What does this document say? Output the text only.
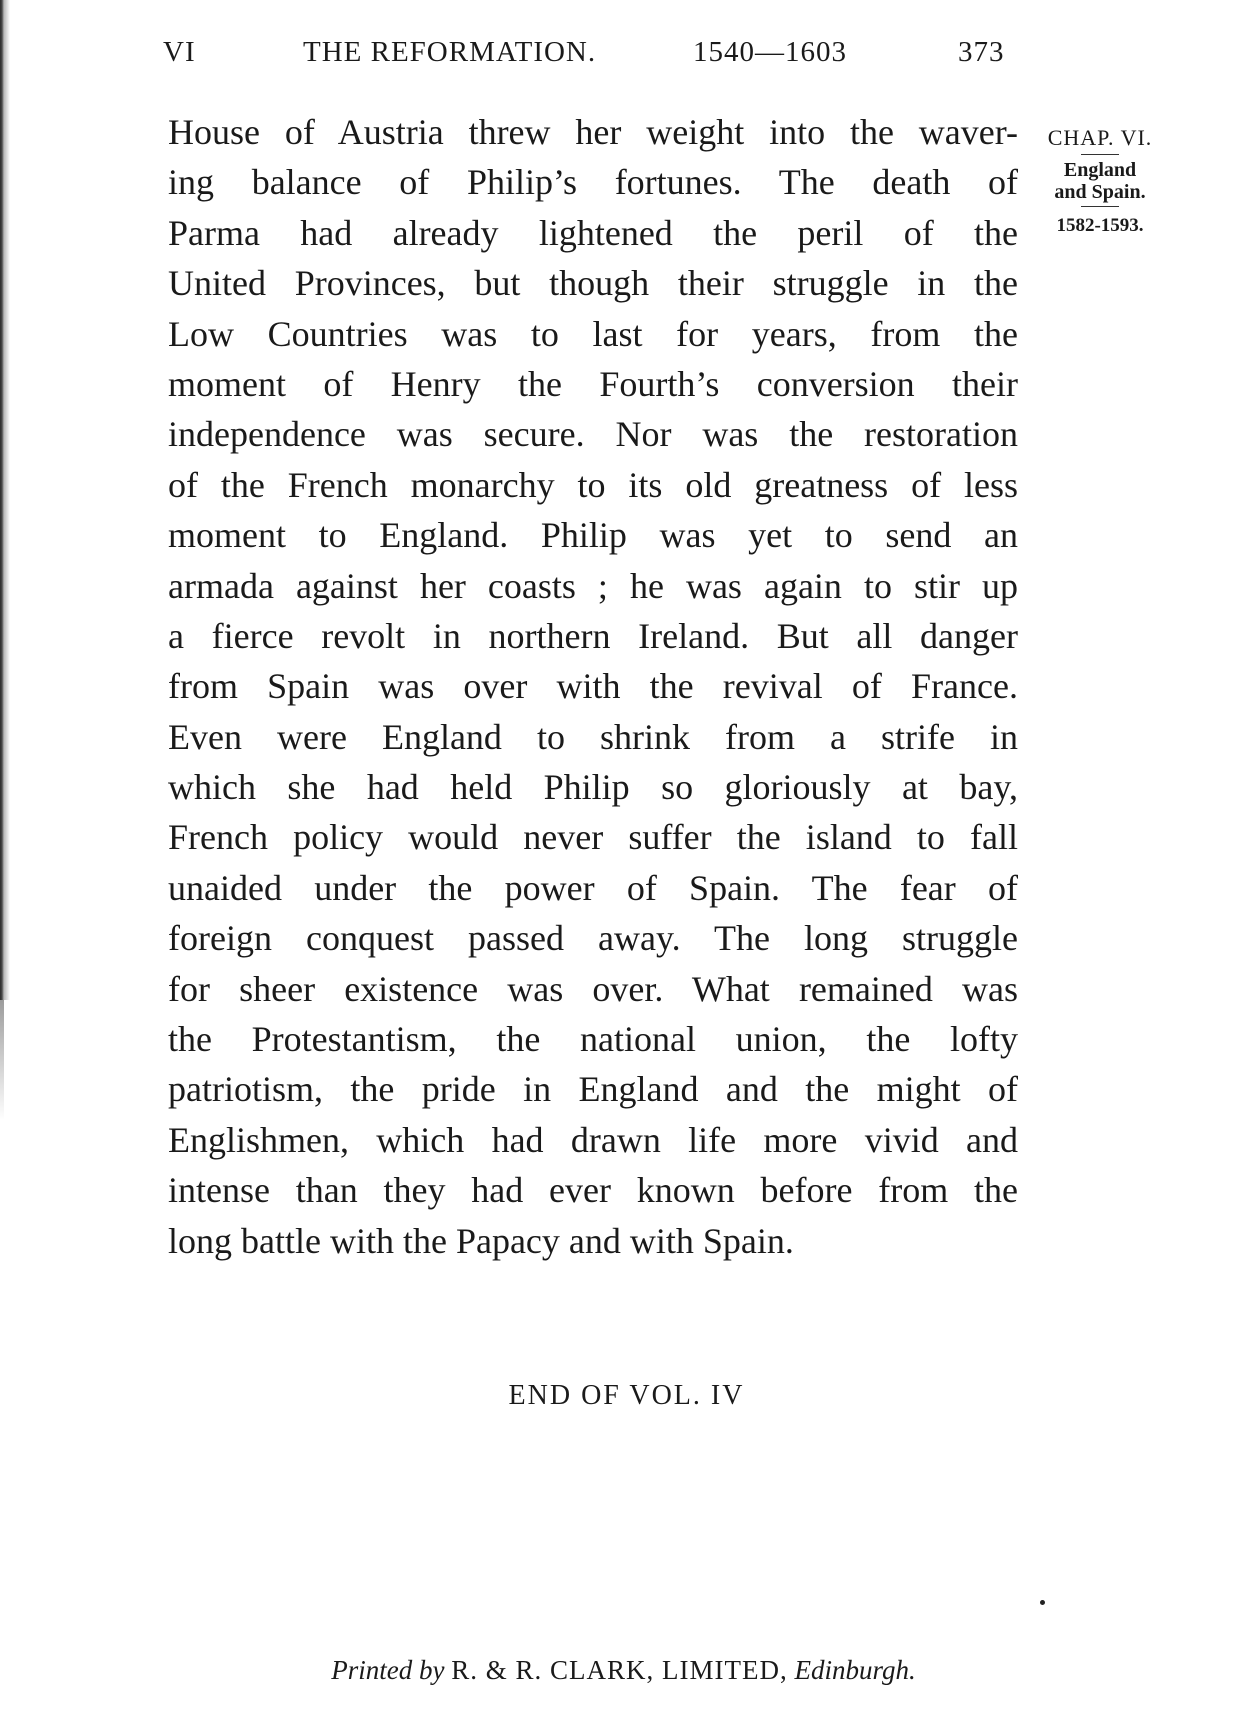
VI	THE REFORMATION.	1540—1603	373
House of Austria threw her weight into the waver-
ing balance of Philip’s fortunes. The death of
Parma had already lightened the peril of the
United Provinces, but though their struggle in the
Low Countries was to last for years, from the
moment of Henry the Fourth’s conversion their
independence was secure. Nor was the restoration
of the French monarchy to its old greatness of less
moment to England. Philip was yet to send an
armada against her coasts ; he was again to stir up
a fierce revolt in northern Ireland. But all danger
from Spain was over with the revival of France.
Even were England to shrink from a strife in
which she had held Philip so gloriously at bay,
French policy would never suffer the island to fall
unaided under the power of Spain. The fear of
foreign conquest passed away. The long struggle
for sheer existence was over. What remained was
the Protestantism, the national union, the lofty
patriotism, the pride in England and the might of
Englishmen, which had drawn life more vivid and
intense than they had ever known before from the
long battle with the Papacy and with Spain.
CHAP. VI.
England
and Spain.
1582-1593.
END OF VOL. IV
Printed by R. & R. CLARK, LIMITED, Edinburgh.
